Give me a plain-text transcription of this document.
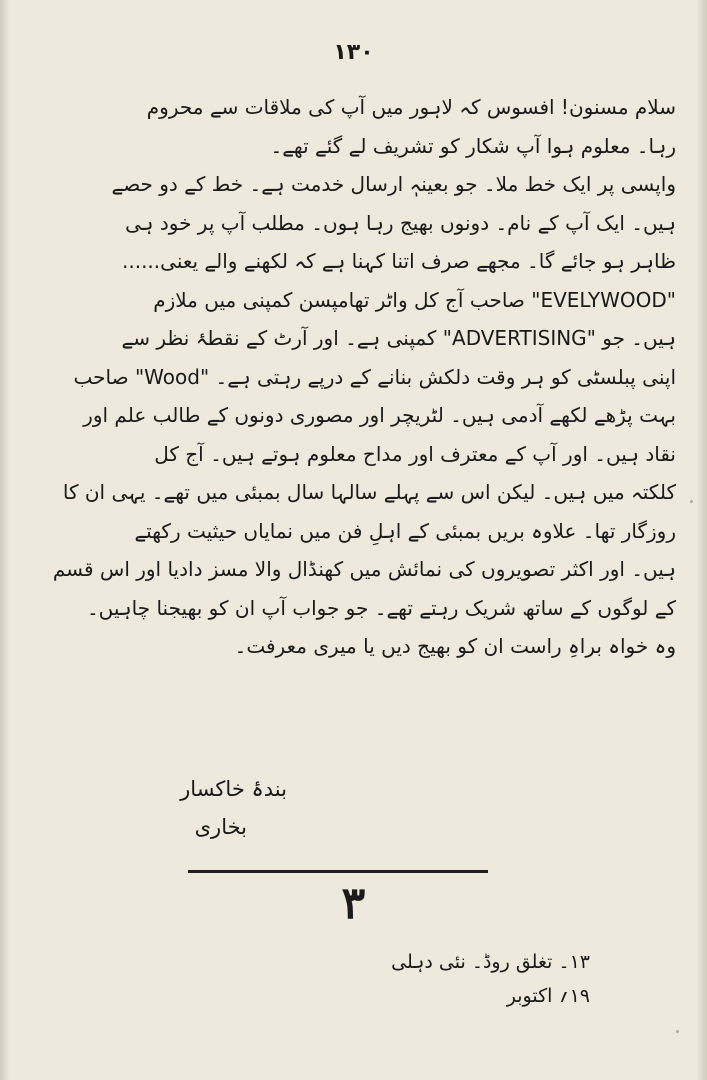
۱۳۰
سلام مسنون! افسوس کہ لاہور میں آپ کی ملاقات سے محروم
رہا۔ معلوم ہوا آپ شکار کو تشریف لے گئے تھے۔
واپسی پر ایک خط ملا۔ جو بعینہٖ ارسال خدمت ہے۔ خط کے دو حصے
ہیں۔ ایک آپ کے نام۔ دونوں بھیج رہا ہوں۔ مطلب آپ پر خود ہی
ظاہر ہو جائے گا۔ مجھے صرف اتنا کہنا ہے کہ لکھنے والے یعنی......
"EVELYWOOD" صاحب آج کل واٹر تھامپسن کمپنی میں ملازم
ہیں۔ جو "ADVERTISING" کمپنی ہے۔ اور آرٹ کے نقطۂ نظر سے
اپنی پبلسٹی کو ہر وقت دلکش بنانے کے درپے رہتی ہے۔ "Wood" صاحب
بہت پڑھے لکھے آدمی ہیں۔ لٹریچر اور مصوری دونوں کے طالب علم اور
نقاد ہیں۔ اور آپ کے معترف اور مداح معلوم ہوتے ہیں۔ آج کل
کلکتہ میں ہیں۔ لیکن اس سے پہلے سالہا سال بمبئی میں تھے۔ یہی ان کا
روزگار تھا۔ علاوہ بریں بمبئی کے اہلِ فن میں نمایاں حیثیت رکھتے
ہیں۔ اور اکثر تصویروں کی نمائش میں کھنڈال والا مسز دادیا اور اس قسم
کے لوگوں کے ساتھ شریک رہتے تھے۔ جو جواب آپ ان کو بھیجنا چاہیں۔
وہ خواہ براہِ راست ان کو بھیج دیں یا میری معرفت۔
بندۂ خاکسار
بخاری
۳
۱۳۔ تغلق روڈ۔ نئی دہلی
۱۹؍ اکتوبر
